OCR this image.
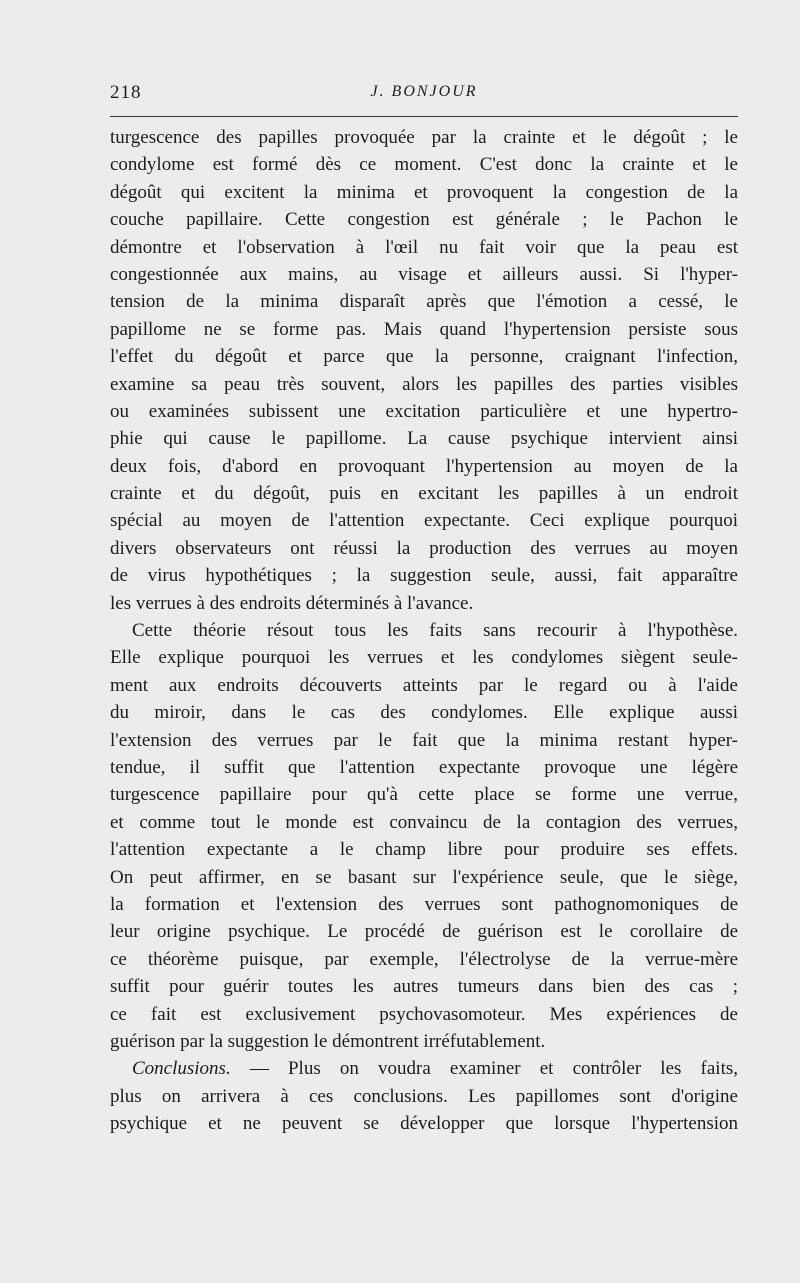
218	J. BONJOUR
turgescence des papilles provoquée par la crainte et le dégoût ; le
condylome est formé dès ce moment. C'est donc la crainte et le
dégoût qui excitent la minima et provoquent la congestion de la
couche papillaire. Cette congestion est générale ; le Pachon le
démontre et l'observation à l'œil nu fait voir que la peau est
congestionnée aux mains, au visage et ailleurs aussi. Si l'hyper-
tension de la minima disparaît après que l'émotion a cessé, le
papillome ne se forme pas. Mais quand l'hypertension persiste sous
l'effet du dégoût et parce que la personne, craignant l'infection,
examine sa peau très souvent, alors les papilles des parties visibles
ou examinées subissent une excitation particulière et une hypertro-
phie qui cause le papillome. La cause psychique intervient ainsi
deux fois, d'abord en provoquant l'hypertension au moyen de la
crainte et du dégoût, puis en excitant les papilles à un endroit
spécial au moyen de l'attention expectante. Ceci explique pourquoi
divers observateurs ont réussi la production des verrues au moyen
de virus hypothétiques ; la suggestion seule, aussi, fait apparaître
les verrues à des endroits déterminés à l'avance.
Cette théorie résout tous les faits sans recourir à l'hypothèse.
Elle explique pourquoi les verrues et les condylomes siègent seule-
ment aux endroits découverts atteints par le regard ou à l'aide
du miroir, dans le cas des condylomes. Elle explique aussi
l'extension des verrues par le fait que la minima restant hyper-
tendue, il suffit que l'attention expectante provoque une légère
turgescence papillaire pour qu'à cette place se forme une verrue,
et comme tout le monde est convaincu de la contagion des verrues,
l'attention expectante a le champ libre pour produire ses effets.
On peut affirmer, en se basant sur l'expérience seule, que le siège,
la formation et l'extension des verrues sont pathognomoniques de
leur origine psychique. Le procédé de guérison est le corollaire de
ce théorème puisque, par exemple, l'électrolyse de la verrue-mère
suffit pour guérir toutes les autres tumeurs dans bien des cas ;
ce fait est exclusivement psychovasomoteur. Mes expériences de
guérison par la suggestion le démontrent irréfutablement.
Conclusions. — Plus on voudra examiner et contrôler les faits,
plus on arrivera à ces conclusions. Les papillomes sont d'origine
psychique et ne peuvent se développer que lorsque l'hypertension
